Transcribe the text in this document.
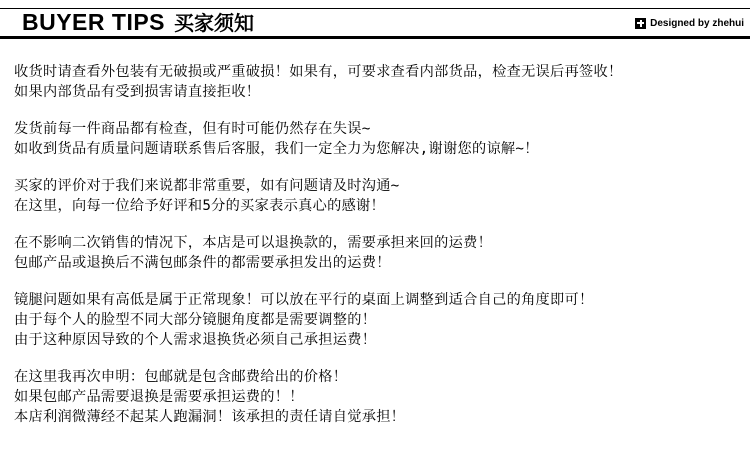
BUYER TIPS 买家须知	Designed by zhehui
收货时请查看外包装有无破损或严重破损！如果有，可要求查看内部货品，检查无误后再签收！
如果内部货品有受到损害请直接拒收！
发货前每一件商品都有检查，但有时可能仍然存在失误~
如收到货品有质量问题请联系售后客服，我们一定全力为您解决,谢谢您的谅解~！
买家的评价对于我们来说都非常重要，如有问题请及时沟通~
在这里，向每一位给予好评和5分的买家表示真心的感谢！
在不影响二次销售的情况下，本店是可以退换款的，需要承担来回的运费！
包邮产品或退换后不满包邮条件的都需要承担发出的运费！
镜腿问题如果有高低是属于正常现象！可以放在平行的桌面上调整到适合自己的角度即可！
由于每个人的脸型不同大部分镜腿角度都是需要调整的！
由于这种原因导致的个人需求退换货必须自己承担运费！
在这里我再次申明：包邮就是包含邮费给出的价格！
如果包邮产品需要退换是需要承担运费的！！
本店利润微薄经不起某人跑漏洞！该承担的责任请自觉承担！
